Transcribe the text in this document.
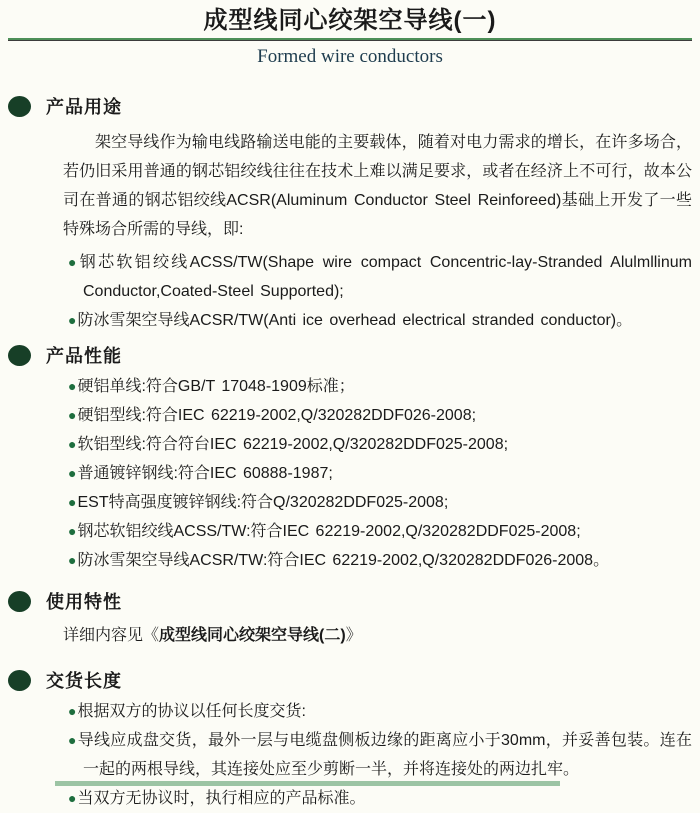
成型线同心绞架空导线(一)
Formed wire conductors
产品用途

架空导线作为输电线路输送电能的主要载体，随着对电力需求的增长，在许多场合，若仍旧采用普通的钢芯铝绞线往往在技术上难以满足要求，或者在经济上不可行，故本公司在普通的钢芯铝绞线ACSR(Aluminum Conductor Steel Reinforeed)基础上开发了一些特殊场合所需的导线，即:

● 钢芯软铝绞线ACSS/TW(Shape wire compact Concentric-lay-Stranded Alulmllinum Conductor,Coated-Steel Supported);
● 防冰雪架空导线ACSR/TW(Anti ice overhead electrical stranded conductor)。
产品性能
● 硬铝单线:符合GB/T 17048-1909标准；
● 硬铝型线:符合IEC 62219-2002,Q/320282DDF026-2008;
● 软铝型线:符合符台IEC 62219-2002,Q/320282DDF025-2008;
● 普通镀锌钢线:符合IEC 60888-1987;
● EST特高强度镀锌钢线:符合Q/320282DDF025-2008;
● 钢芯软铝绞线ACSS/TW:符合IEC 62219-2002,Q/320282DDF025-2008;
● 防冰雪架空导线ACSR/TW:符合IEC 62219-2002,Q/320282DDF026-2008。
使用特性

详细内容见《成型线同心绞架空导线(二)》

交货长度
● 根据双方的协议以任何长度交货:
● 导线应成盘交货，最外一层与电缆盘侧板边缘的距离应小于30mm，并妥善包装。连在一起的两根导线，其连接处应至少剪断一半，并将连接处的两边扎牢。
● 当双方无协议时，执行相应的产品标准。
